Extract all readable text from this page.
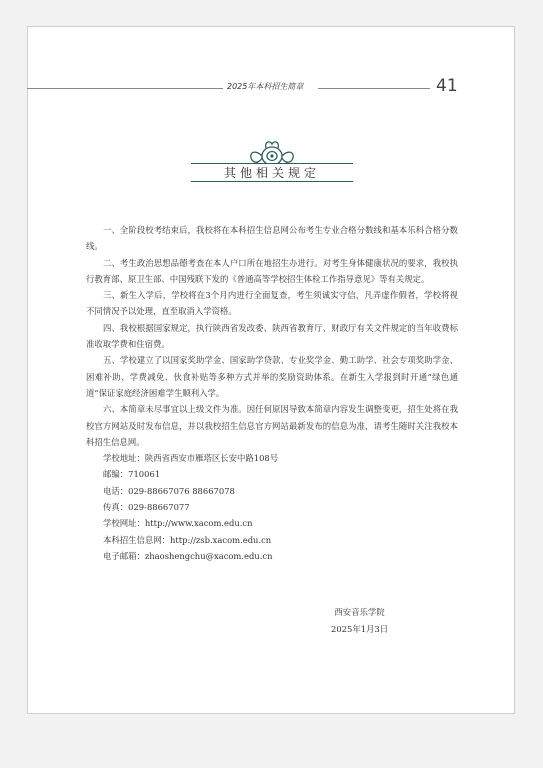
2025年本科招生简章	41
其他相关规定

一、全阶段校考结束后，我校将在本科招生信息网公布考生专业合格分数线和基本乐科合格分数线。

二、考生政治思想品德考查在本人户口所在地招生办进行。对考生身体健康状况的要求，我校执行教育部、原卫生部、中国残联下发的《普通高等学校招生体检工作指导意见》等有关规定。

三、新生入学后，学校将在3个月内进行全面复查，考生须诚实守信，凡弄虚作假者，学校将视不同情况予以处理，直至取消入学资格。

四、我校根据国家规定，执行陕西省发改委、陕西省教育厅、财政厅有关文件规定的当年收费标准收取学费和住宿费。

五、学校建立了以国家奖助学金、国家助学贷款、专业奖学金、勤工助学、社会专项奖助学金、困难补助、学费减免、伙食补贴等多种方式并举的奖励资助体系。在新生入学报到时开通“绿色通道”保证家庭经济困难学生顺利入学。

六、本简章未尽事宜以上级文件为准。因任何原因导致本简章内容发生调整变更，招生处将在我校官方网站及时发布信息，并以我校招生信息官方网站最新发布的信息为准，请考生随时关注我校本科招生信息网。

学校地址：陕西省西安市雁塔区长安中路108号
邮编：710061
电话：029-88667076 88667078
传真：029-88667077
学校网址：http://www.xacom.edu.cn
本科招生信息网：http://zsb.xacom.edu.cn
电子邮箱：zhaoshengchu@xacom.edu.cn
西安音乐学院
2025年1月3日
